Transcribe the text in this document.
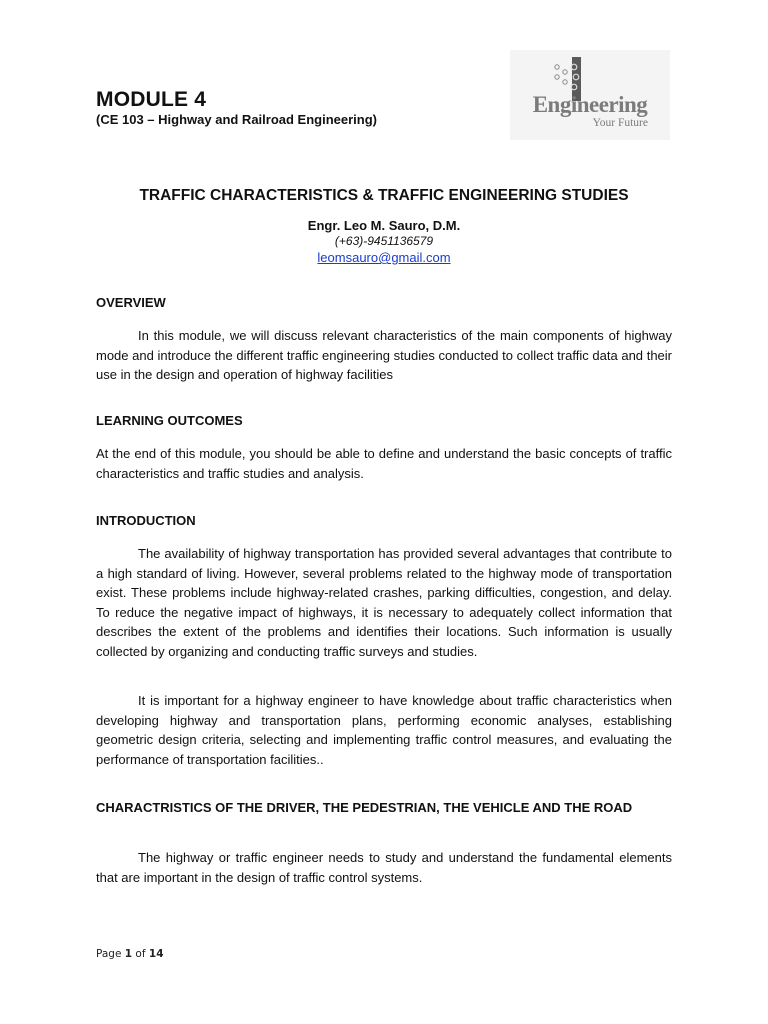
MODULE 4
(CE 103 – Highway and Railroad Engineering)
Engineering
Your Future
TRAFFIC CHARACTERISTICS & TRAFFIC ENGINEERING STUDIES
Engr. Leo M. Sauro, D.M.
(+63)-9451136579
leomsauro@gmail.com
OVERVIEW

In this module, we will discuss relevant characteristics of the main components of highway mode and introduce the different traffic engineering studies conducted to collect traffic data and their use in the design and operation of highway facilities

LEARNING OUTCOMES

At the end of this module, you should be able to define and understand the basic concepts of traffic characteristics and traffic studies and analysis.

INTRODUCTION

The availability of highway transportation has provided several advantages that contribute to a high standard of living. However, several problems related to the highway mode of transportation exist. These problems include highway-related crashes, parking difficulties, congestion, and delay. To reduce the negative impact of highways, it is necessary to adequately collect information that describes the extent of the problems and identifies their locations. Such information is usually collected by organizing and conducting traffic surveys and studies.

It is important for a highway engineer to have knowledge about traffic characteristics when developing highway and transportation plans, performing economic analyses, establishing geometric design criteria, selecting and implementing traffic control measures, and evaluating the performance of transportation facilities..

CHARACTRISTICS OF THE DRIVER, THE PEDESTRIAN, THE VEHICLE AND THE ROAD

The highway or traffic engineer needs to study and understand the fundamental elements that are important in the design of traffic control systems.

Page 1 of 14
